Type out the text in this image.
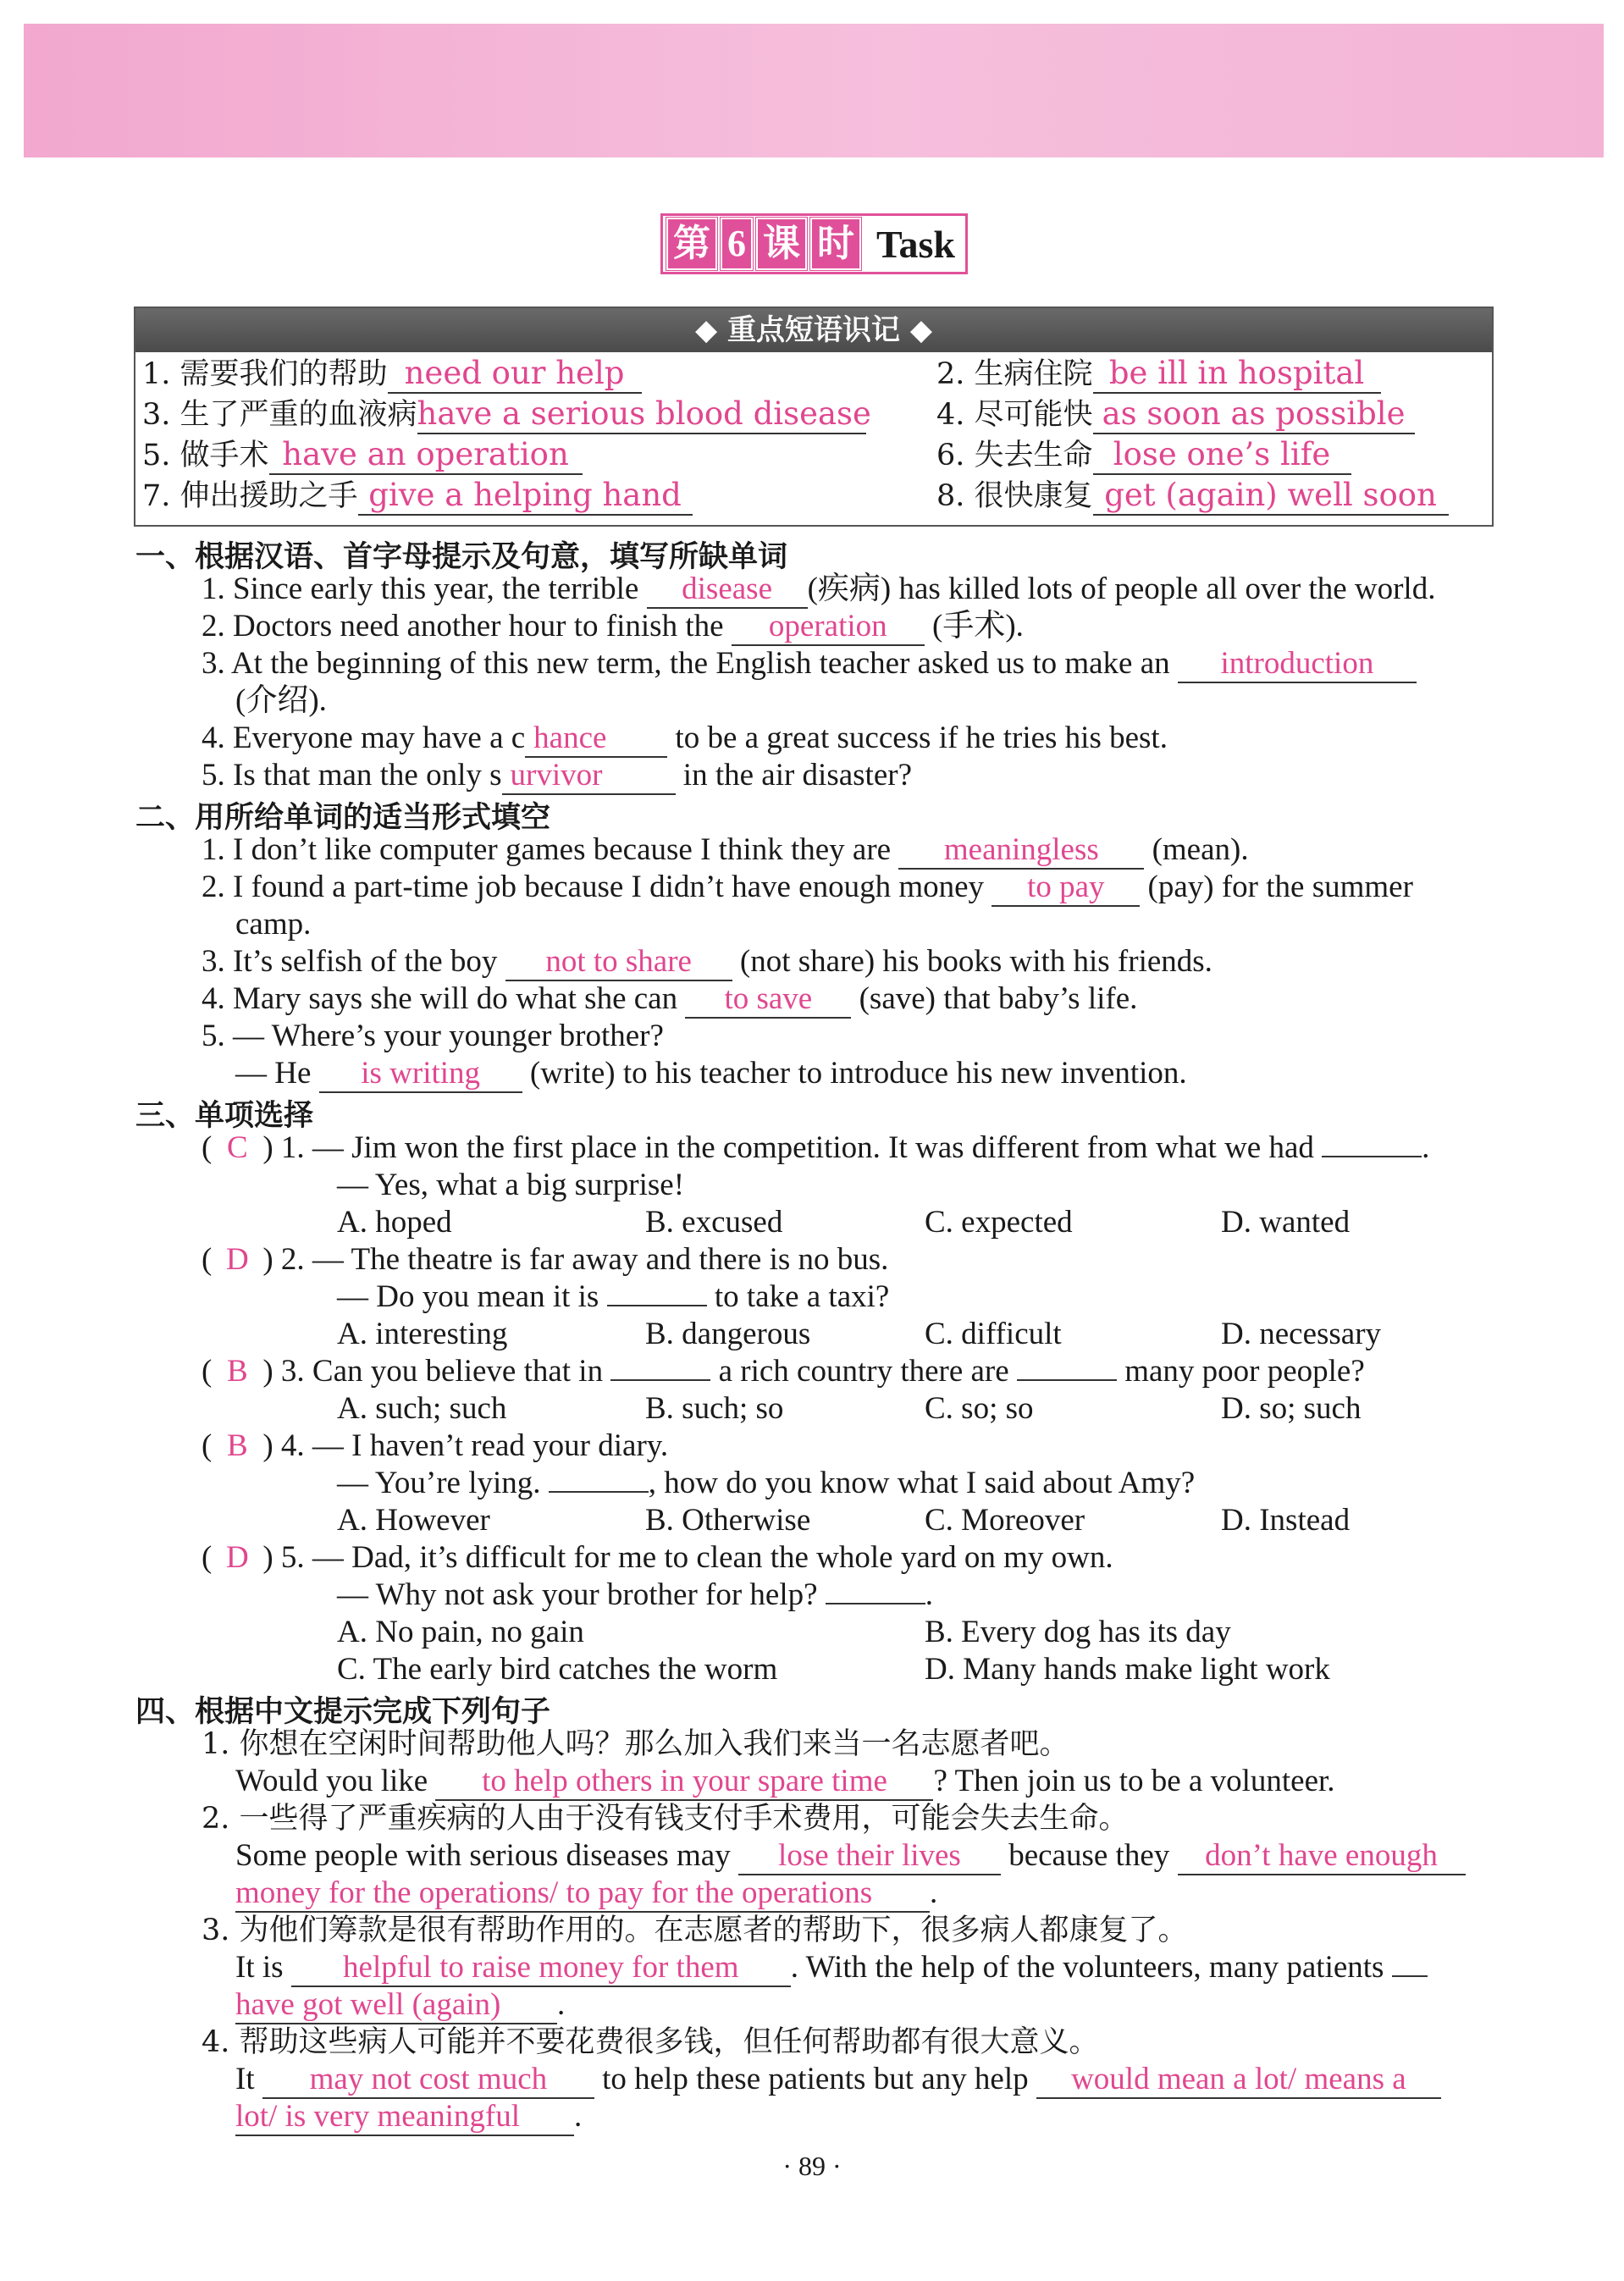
第 6 课 时 Task
◆ 重点短语识记 ◆
1. 需要我们的帮助 need our help	2. 生病住院 be ill in hospital
3. 生了严重的血液病have a serious blood disease 4. 尽可能快 as soon as possible
5. 做手术 have an operation	6. 失去生命 lose one’s life
7. 伸出援助之手 give a helping hand	8. 很快康复 get (again) well soon
一、根据汉语、首字母提示及句意，填写所缺单词
1. Since early this year, the terrible disease (疾病) has killed lots of people all over the world.
2. Doctors need another hour to finish the operation (手术).
3. At the beginning of this new term, the English teacher asked us to make an introduction
(介绍).
4. Everyone may have a c hance to be a great success if he tries his best.
5. Is that man the only s urvivor in the air disaster?
二、用所给单词的适当形式填空
1. I don’t like computer games because I think they are meaningless (mean).
2. I found a part-time job because I didn’t have enough money to pay (pay) for the summer
camp.
3. It’s selfish of the boy not to share (not share) his books with his friends.
4. Mary says she will do what she can to save (save) that baby’s life.
5. — Where’s your younger brother?
— He is writing (write) to his teacher to introduce his new invention.
三、单项选择
( C ) 1. — Jim won the first place in the competition. It was different from what we had	.
— Yes, what a big surprise!
A. hoped	B. excused	C. expected	D. wanted
( D ) 2. — The theatre is far away and there is no bus.
— Do you mean it is	to take a taxi?
A. interesting	B. dangerous	C. difficult	D. necessary
( B ) 3. Can you believe that in	a rich country there are	many poor people?
A. such; such	B. such; so	C. so; so	D. so; such
( B ) 4. — I haven’t read your diary.
— You’re lying.	, how do you know what I said about Amy?
A. However	B. Otherwise	C. Moreover	D. Instead
( D ) 5. — Dad, it’s difficult for me to clean the whole yard on my own.
— Why not ask your brother for help?	.
A. No pain, no gain	B. Every dog has its day
C. The early bird catches the worm	D. Many hands make light work
四、根据中文提示完成下列句子
1. 你想在空闲时间帮助他人吗？那么加入我们来当一名志愿者吧。
Would you like to help others in your spare time ? Then join us to be a volunteer.
2. 一些得了严重疾病的人由于没有钱支付手术费用，可能会失去生命。
Some people with serious diseases may lose their lives because they don’t have enough
money for the operations/ to pay for the operations .
3. 为他们筹款是很有帮助作用的。在志愿者的帮助下，很多病人都康复了。
It is helpful to raise money for them . With the help of the volunteers, many patients
have got well (again) .
4. 帮助这些病人可能并不要花费很多钱，但任何帮助都有很大意义。
It may not cost much to help these patients but any help would mean a lot/ means a
lot/ is very meaningful .
· 89 ·
